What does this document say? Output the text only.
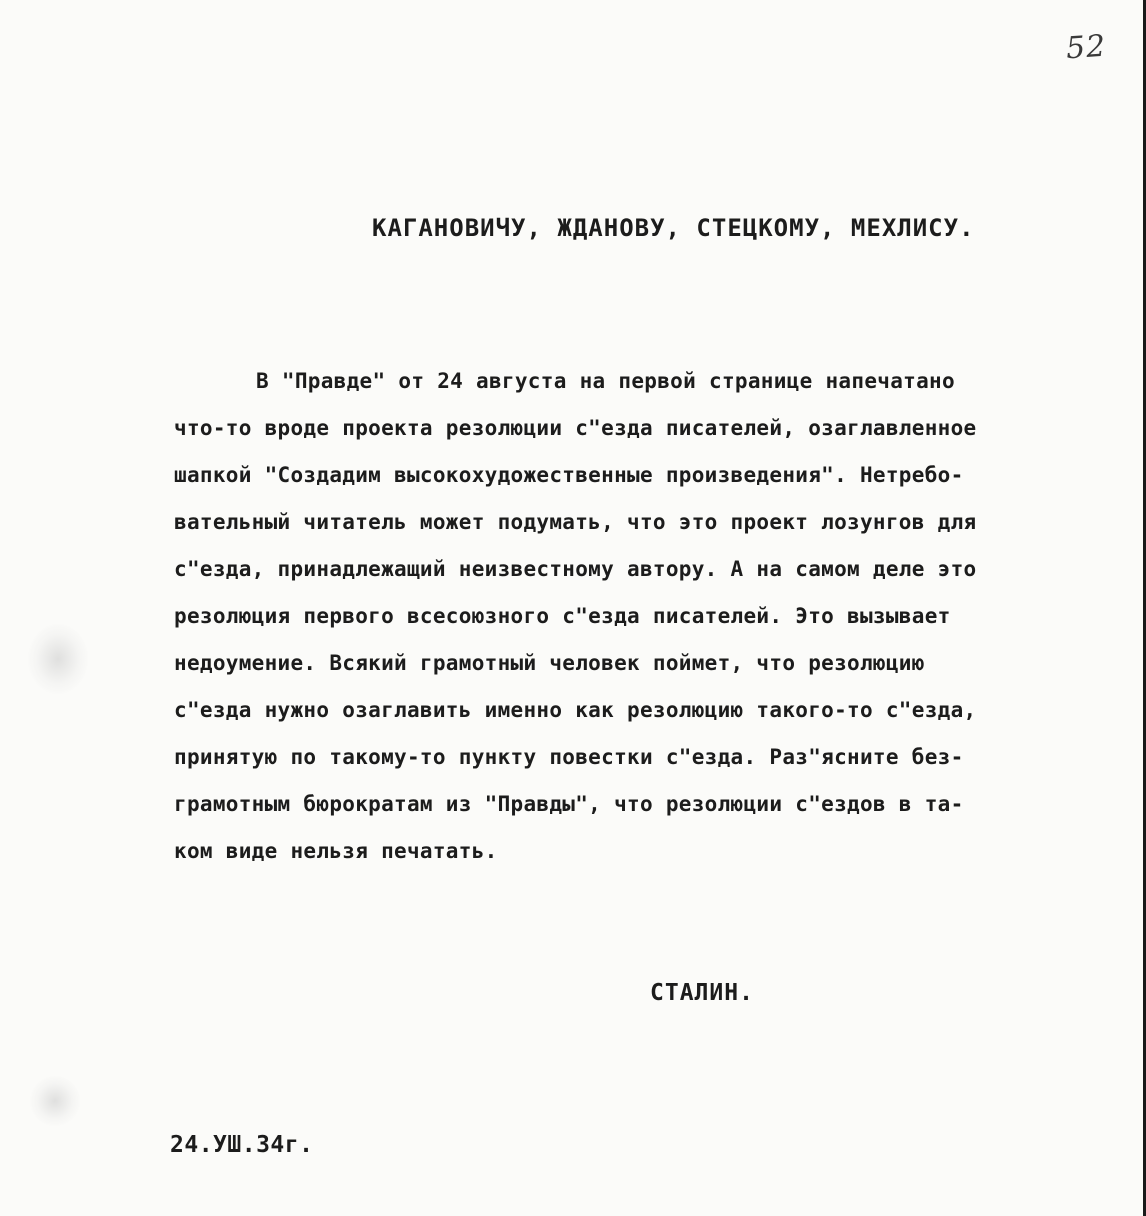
52
КАГАНОВИЧУ, ЖДАНОВУ, СТЕЦКОМУ, МЕХЛИСУ.
В "Правде" от 24 августа на первой странице напечатано
что-то вроде проекта резолюции с"езда писателей, озаглавленное
шапкой "Создадим высокохудожественные произведения". Нетребо-
вательный читатель может подумать, что это проект лозунгов для
с"езда, принадлежащий неизвестному автору. А на самом деле это
резолюция первого всесоюзного с"езда писателей. Это вызывает
недоумение. Всякий грамотный человек поймет, что резолюцию
с"езда нужно озаглавить именно как резолюцию такого-то с"езда,
принятую по такому-то пункту повестки с"езда. Раз"ясните без-
грамотным бюрократам из "Правды", что резолюции с"ездов в та-
ком виде нельзя печатать.
СТАЛИН.
24.УШ.34г.
